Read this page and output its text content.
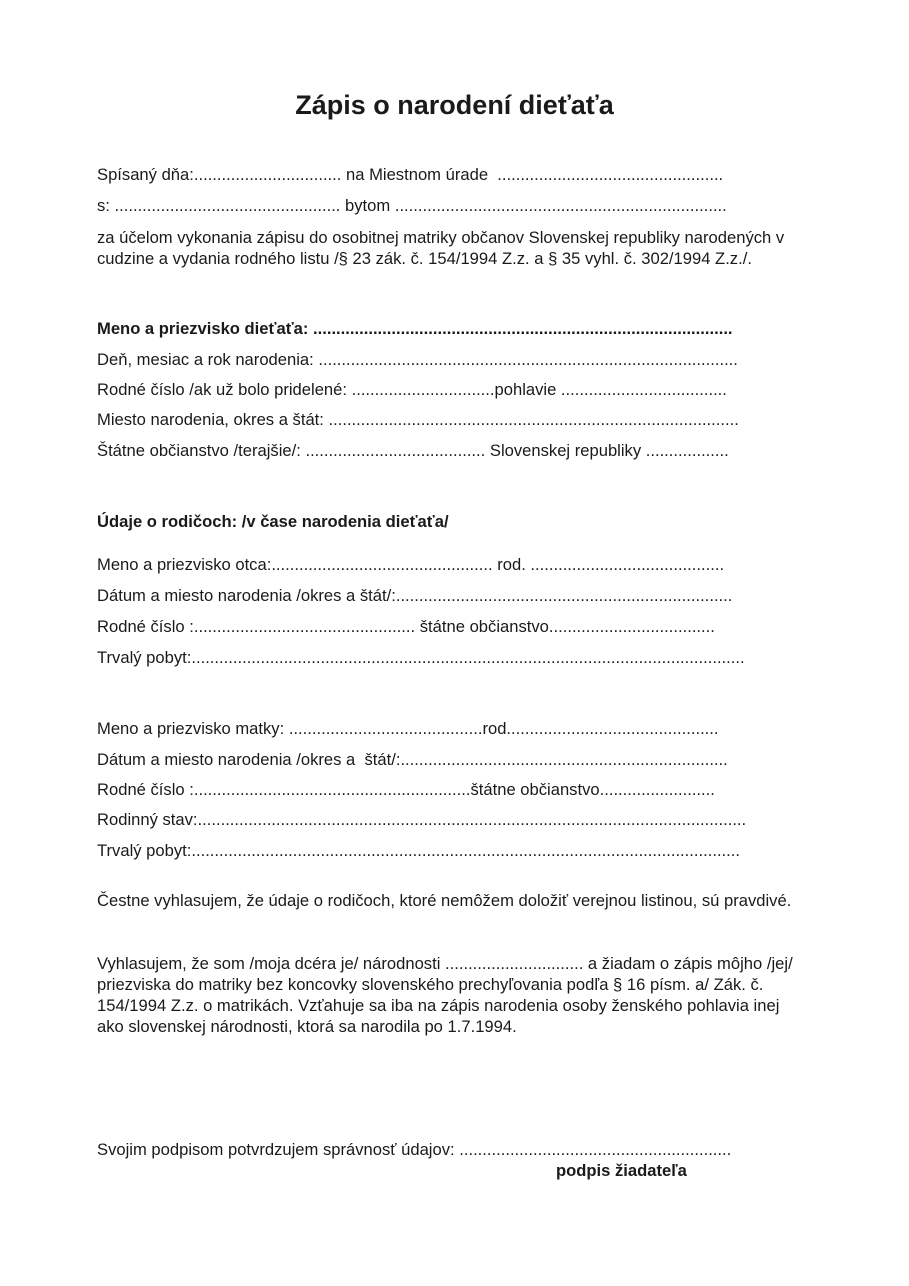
Zápis o narodení dieťaťa
Spísaný dňa:................................ na Miestnom úrade  .................................................
s: ................................................. bytom ........................................................................
za účelom vykonania zápisu do osobitnej matriky občanov Slovenskej republiky narodených v cudzine a vydania rodného listu /§ 23 zák. č. 154/1994 Z.z. a § 35 vyhl. č. 302/1994 Z.z./.
Meno a priezvisko dieťaťa: ...........................................................................................
Deň, mesiac a rok narodenia: ...........................................................................................
Rodné číslo /ak už bolo pridelené: ...............................pohlavie ....................................
Miesto narodenia, okres a štát: .........................................................................................
Štátne občianstvo /terajšie/: ....................................... Slovenskej republiky ..................
Údaje o rodičoch: /v čase narodenia dieťaťa/
Meno a priezvisko otca:................................................ rod. ..........................................
Dátum a miesto narodenia /okres a štát/:.........................................................................
Rodné číslo :................................................ štátne občianstvo....................................
Trvalý pobyt:........................................................................................................................
Meno a priezvisko matky: ..........................................rod..............................................
Dátum a miesto narodenia /okres a  štát/:.......................................................................
Rodné číslo :............................................................štátne občianstvo.........................
Rodinný stav:.......................................................................................................................
Trvalý pobyt:.......................................................................................................................
Čestne vyhlasujem, že údaje o rodičoch, ktoré nemôžem doložiť verejnou listinou, sú pravdivé.
Vyhlasujem, že som /moja dcéra je/ národnosti .............................. a žiadam o zápis môjho /jej/ priezviska do matriky bez koncovky slovenského prechyľovania podľa § 16 písm. a/ Zák. č. 154/1994 Z.z. o matrikách. Vzťahuje sa iba na zápis narodenia osoby ženského pohlavia inej ako slovenskej národnosti, ktorá sa narodila po 1.7.1994.
Svojim podpisom potvrdzujem správnosť údajov: ...........................................................
podpis žiadateľa
